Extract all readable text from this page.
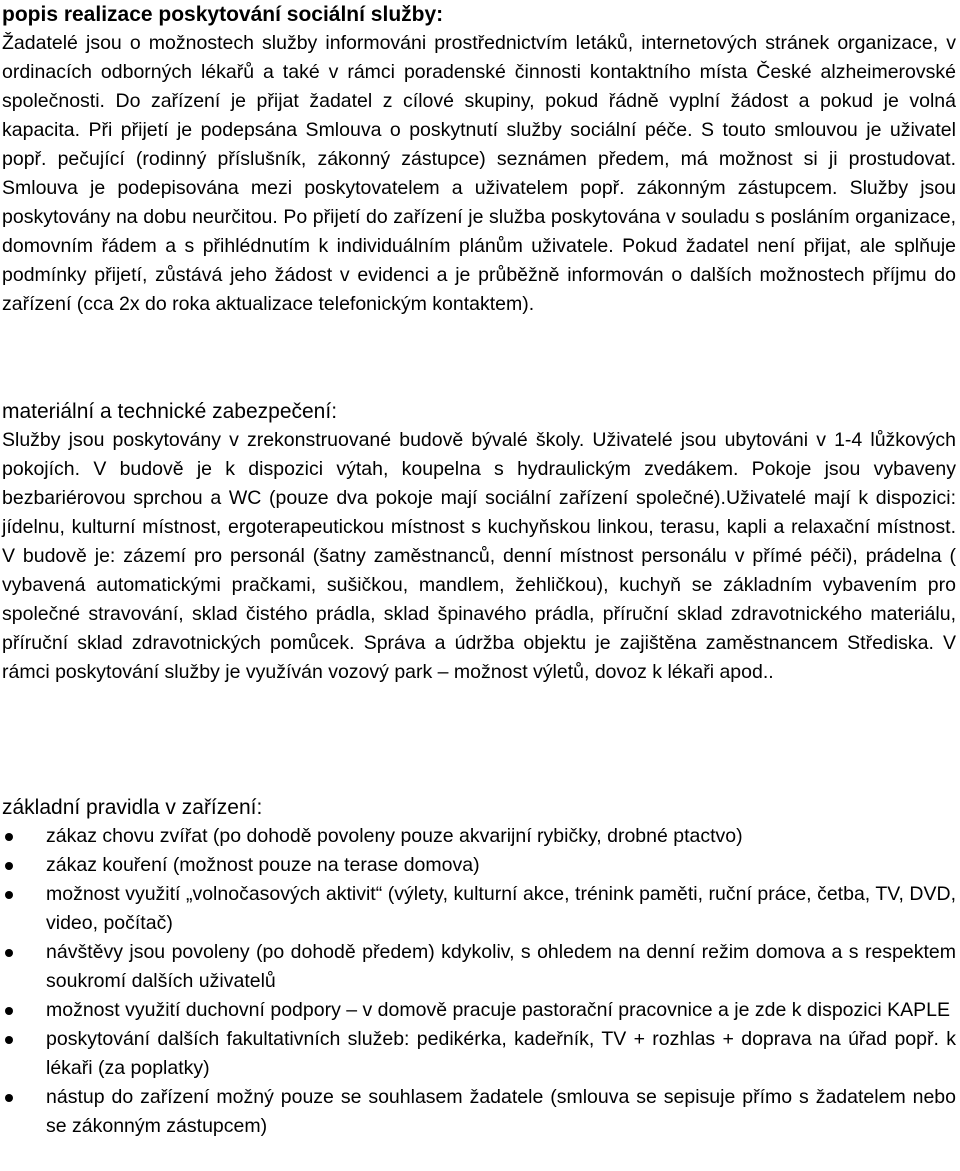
popis realizace poskytování sociální služby:

Žadatelé jsou o možnostech služby informováni prostřednictvím letáků, internetových stránek organizace, v ordinacích odborných lékařů a také v rámci poradenské činnosti kontaktního místa České alzheimerovské společnosti. Do zařízení je přijat žadatel z cílové skupiny, pokud řádně vyplní žádost a pokud je volná kapacita. Při přijetí je podepsána Smlouva o poskytnutí služby sociální péče. S touto smlouvou je uživatel popř. pečující (rodinný příslušník, zákonný zástupce) seznámen předem, má možnost si ji prostudovat. Smlouva je podepisována mezi poskytovatelem a uživatelem popř. zákonným zástupcem. Služby jsou poskytovány na dobu neurčitou. Po přijetí do zařízení je služba poskytována v souladu s posláním organizace, domovním řádem a s přihlédnutím k individuálním plánům uživatele. Pokud žadatel není přijat, ale splňuje podmínky přijetí, zůstává jeho žádost v evidenci a je průběžně informován o dalších možnostech příjmu do zařízení (cca 2x do roka aktualizace telefonickým kontaktem).

materiální a technické zabezpečení:

Služby jsou poskytovány v zrekonstruované budově bývalé školy. Uživatelé jsou ubytováni v 1-4 lůžkových pokojích. V budově je k dispozici výtah, koupelna s hydraulickým zvedákem. Pokoje jsou vybaveny bezbariérovou sprchou a WC (pouze dva pokoje mají sociální zařízení společné).Uživatelé mají k dispozici: jídelnu, kulturní místnost, ergoterapeutickou místnost s kuchyňskou linkou, terasu, kapli a relaxační místnost. V budově je: zázemí pro personál (šatny zaměstnanců, denní místnost personálu v přímé péči), prádelna ( vybavená automatickými pračkami, sušičkou, mandlem, žehličkou), kuchyň se základním vybavením pro společné stravování, sklad čistého prádla, sklad špinavého prádla, příruční sklad zdravotnického materiálu, příruční sklad zdravotnických pomůcek. Správa a údržba objektu je zajištěna zaměstnancem Střediska. V rámci poskytování služby je využíván vozový park – možnost výletů, dovoz k lékaři apod..

základní pravidla v zařízení:
zákaz chovu zvířat (po dohodě povoleny pouze akvarijní rybičky, drobné ptactvo)
zákaz kouření (možnost pouze na terase domova)
možnost využití „volnočasových aktivit“ (výlety, kulturní akce, trénink paměti, ruční práce, četba, TV, DVD, video, počítač)
návštěvy jsou povoleny (po dohodě předem) kdykoliv, s ohledem na denní režim domova a s respektem soukromí dalších uživatelů
možnost využití duchovní podpory – v domově pracuje pastorační pracovnice a je zde k dispozici KAPLE
poskytování dalších fakultativních služeb: pedikérka, kadeřník, TV + rozhlas + doprava na úřad popř. k lékaři (za poplatky)
nástup do zařízení možný pouze se souhlasem žadatele (smlouva se sepisuje přímo s žadatelem nebo se zákonným zástupcem)
